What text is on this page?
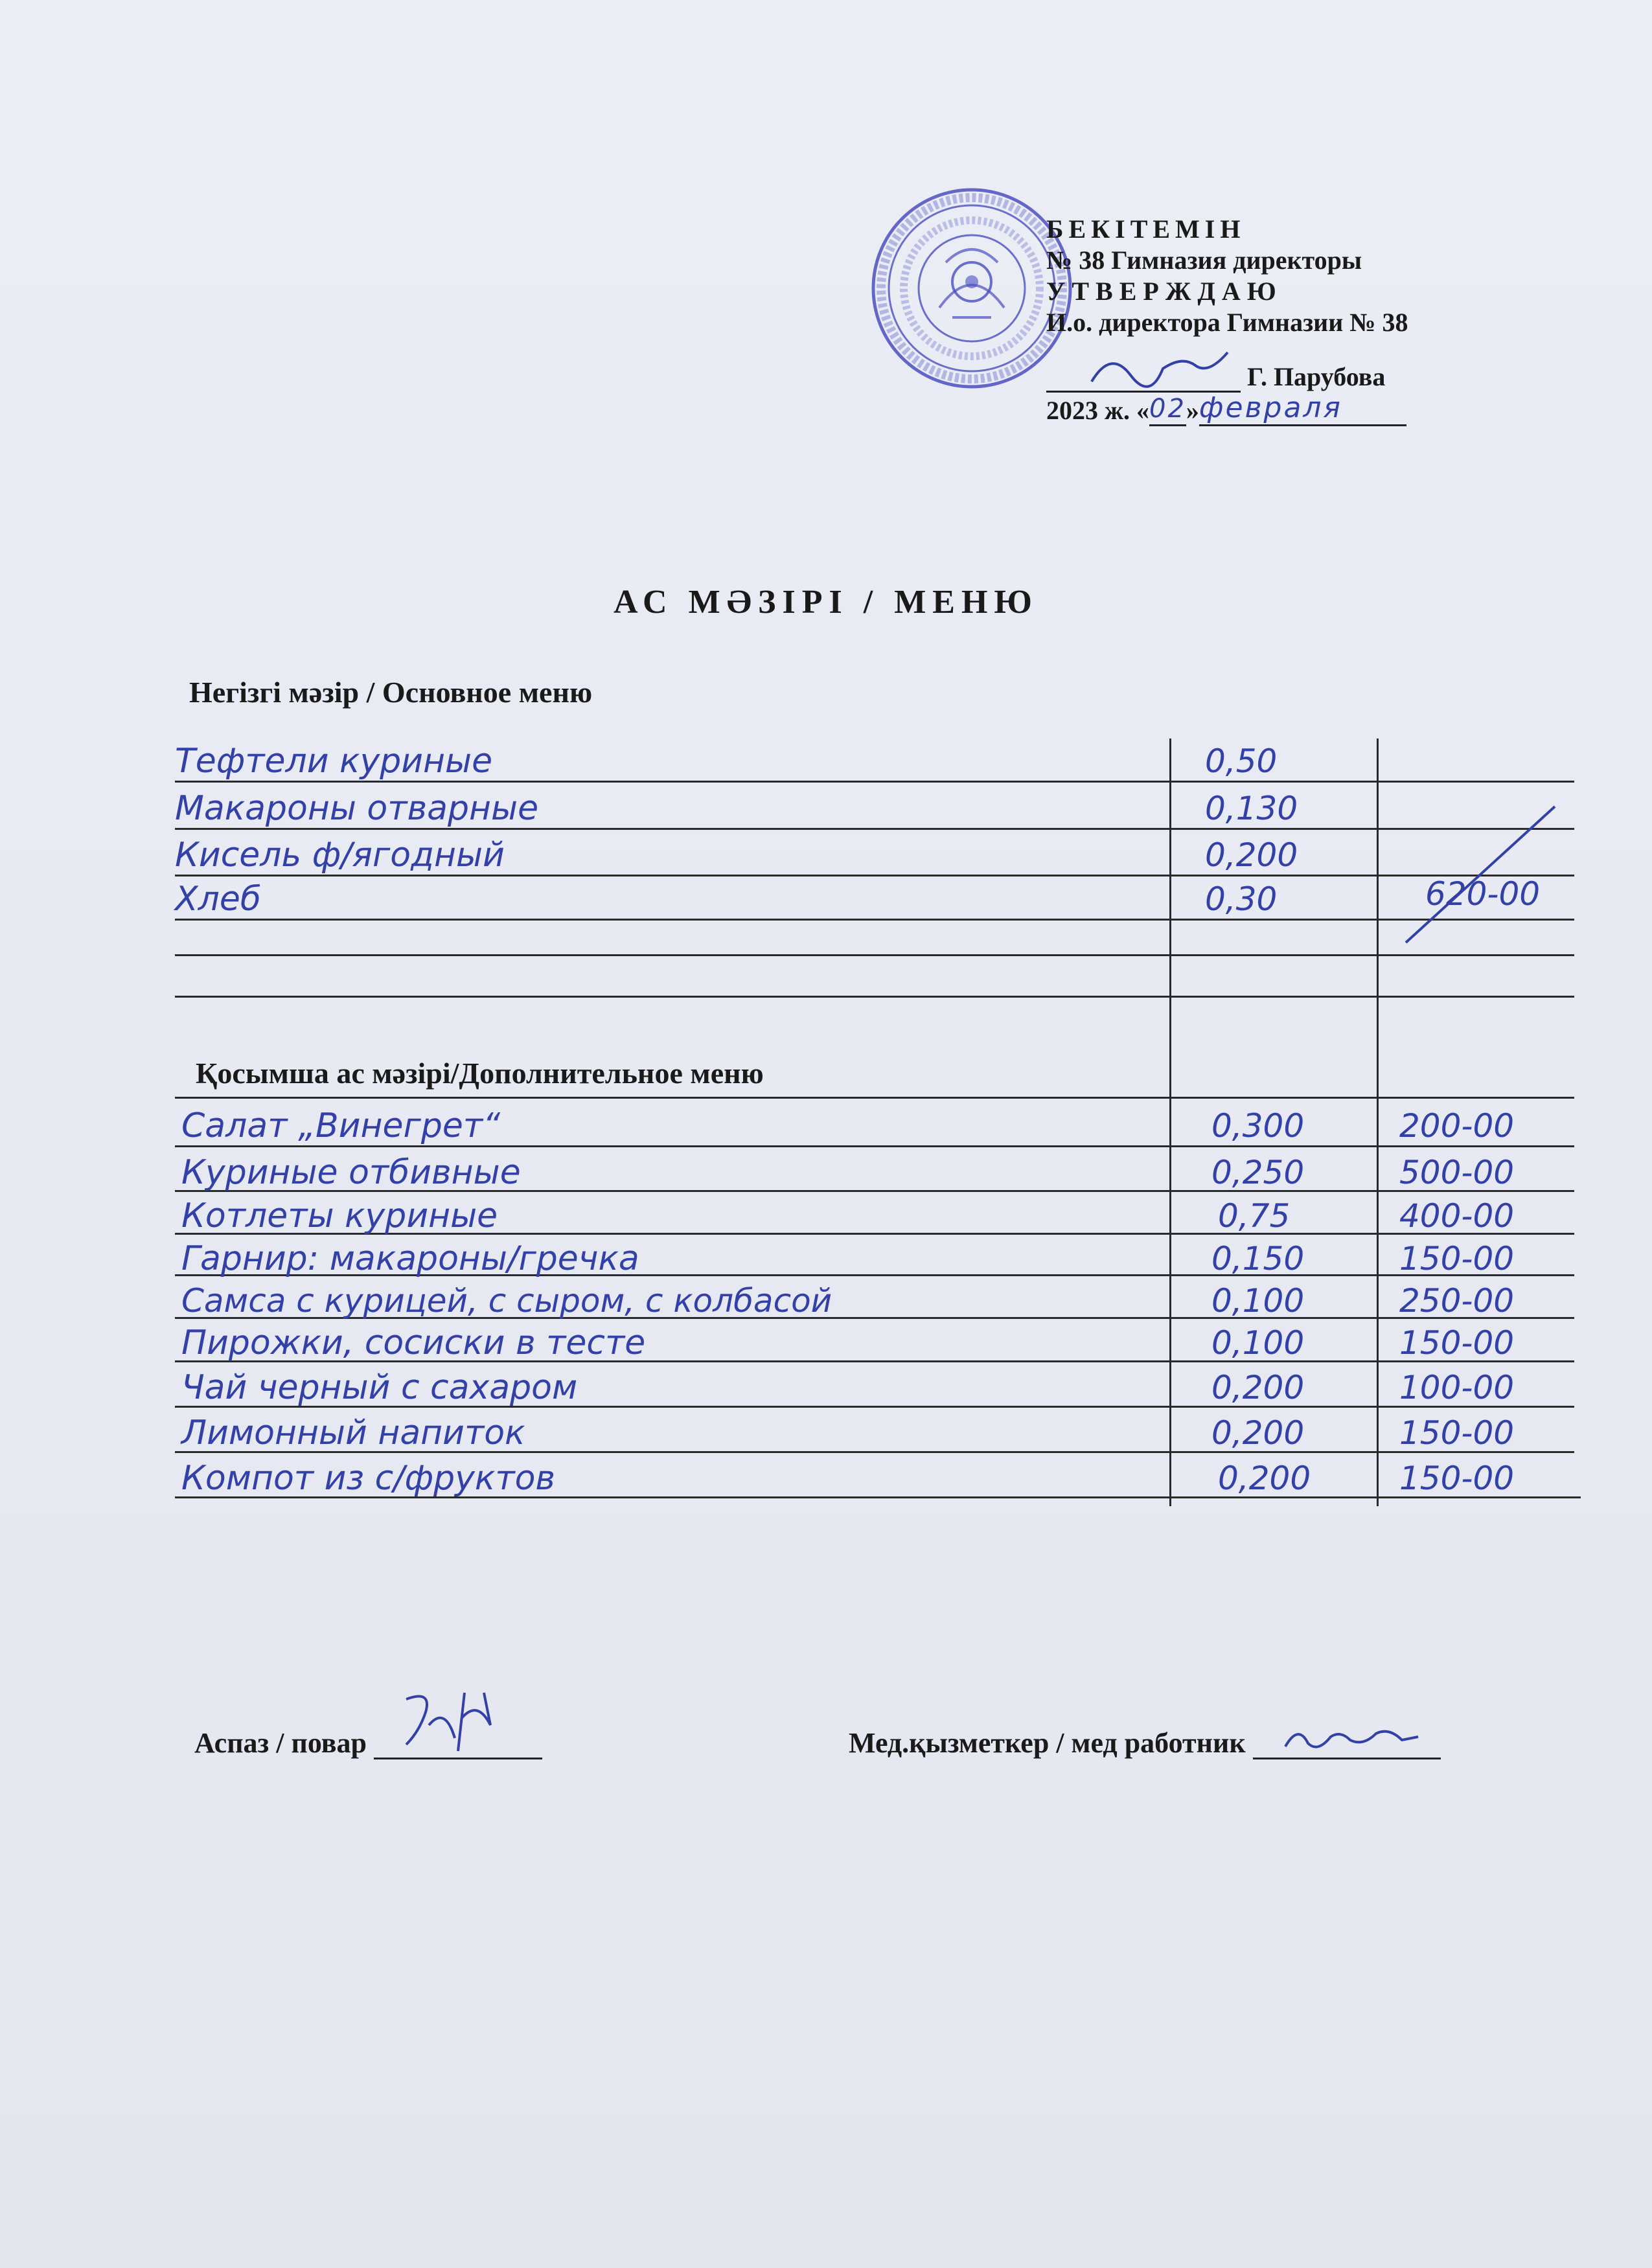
БЕКІТЕМІН
№ 38 Гимназия директоры
У Т В Е Р Ж Д А Ю
И.о. директора Гимназии № 38
Г. Парубова
2023 ж. «02»февраля
АС МӘЗІРІ / МЕНЮ
Негізгі мәзір / Основное меню
Тефтели куриные	0,50
Макароны отварные	0,130
Кисель ф/ягодный	0,200
Хлеб	0,30	620-00
Қосымша ас мәзірі/Дополнительное меню
Салат „Винегрет“	0,300	200-00
Куриные отбивные	0,250	500-00
Котлеты куриные	0,75	400-00
Гарнир: макароны/гречка	0,150	150-00
Самса с курицей, с сыром, с колбасой	0,100	250-00
Пирожки, сосиски в тесте	0,100	150-00
Чай черный с сахаром	0,200	100-00
Лимонный напиток	0,200	150-00
Компот из с/фруктов	0,200	150-00
Аспаз / повар	Мед.қызметкер / мед работник
